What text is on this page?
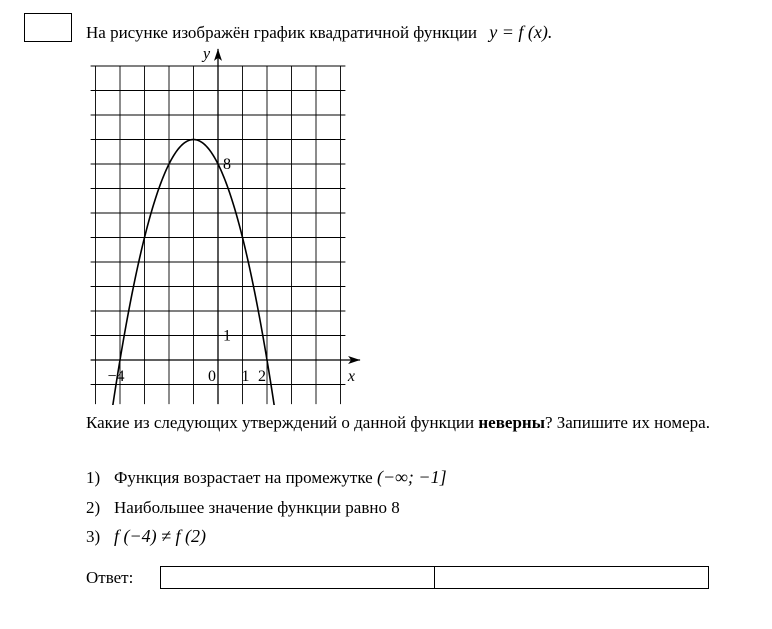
На рисунке изображён график квадратичной функции y = f (x).
y
x
0
−4	1 2
1
8
Какие из следующих утверждений о данной функции неверны? Запишите их номера.
1) Функция возрастает на промежутке (−∞; −1]
2) Наибольшее значение функции равно 8
3) f (−4) ≠ f (2)
Ответ:
